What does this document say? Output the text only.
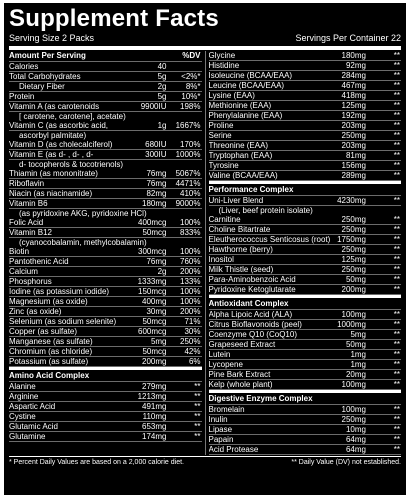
Supplement Facts
Serving Size 2 Packs	Servings Per Container 22
Amount Per Serving	%DV
Calories	40
Total Carbohydrates	5g <2%*
Dietary Fiber	2g 8%*
Protein	5g 10%*
Vitamin A (as carotenoids	9900IU 198%
[ carotene, carotene], acetate)
Vitamin C (as ascorbic acid,	1g 1667%
ascorbyl palmitate)
Vitamin D (as cholecalciferol)	680IU 170%
Vitamin E (as d- , d- , d-	300IU 1000%
d- tocopherols & tocotrienols)
Thiamin (as mononitrate)	76mg 5067%
Riboflavin	76mg 4471%
Niacin (as niacinamide)	82mg 410%
Vitamin B6	180mg 9000%
(as pyridoxine AKG, pyridoxine HCl)
Folic Acid	400mcg 100%
Vitamin B12	50mcg 833%
(cyanocobalamin, methylcobalamin)
Biotin	300mcg 100%
Pantothenic Acid	76mg 760%
Calcium	2g 200%
Phosphorus	1333mg 133%
Iodine (as potassium iodide)	150mcg 100%
Magnesium (as oxide)	400mg 100%
Zinc (as oxide)	30mg 200%
Selenium (as sodium selenite)	50mcg 71%
Copper (as sulfate)	600mcg 30%
Manganese (as sulfate)	5mg 250%
Chromium (as chloride)	50mcg 42%
Potassium (as sulfate)	200mg	6%
Amino Acid Complex
Alanine	279mg	**
Arginine	1213mg	**
Aspartic Acid	491mg	**
Cystine	110mg	**
Glutamic Acid	653mg	**
Glutamine	174mg	**
Glycine	180mg	**
Histidine	92mg	**
Isoleucine (BCAA/EAA)	284mg	**
Leucine (BCAA/EAA)	467mg	**
Lysine (EAA)	418mg	**
Methionine (EAA)	125mg	**
Phenylalanine (EAA)	192mg	**
Proline	203mg	**
Serine	250mg	**
Threonine (EAA)	203mg	**
Tryptophan (EAA)	81mg	**
Tyrosine	156mg	**
Valine (BCAA/EAA)	289mg	**
Performance Complex
Uni-Liver Blend	4230mg	**
(Liver, beef protein isolate)
Carnitine	250mg	**
Choline Bitartrate	250mg	**
Eleutherococcus Senticosus (root) 1750mg	**
Hawthorne (berry)	250mg	**
Inositol	125mg	**
Milk Thistle (seed)	250mg	**
Para-Aminobenzoic Acid	50mg	**
Pyridoxine Ketoglutarate	200mg	**
Antioxidant Complex
Alpha Lipoic Acid (ALA)	100mg	**
Citrus Bioflavonoids (peel)	1000mg	**
Coenzyme Q10 (CoQ10)	5mg	**
Grapeseed Extract	50mg	**
Lutein	1mg	**
Lycopene	1mg	**
Pine Bark Extract	20mg	**
Kelp (whole plant)	100mg	**
Digestive Enzyme Complex
Bromelain	100mg	**
Inulin	250mg	**
Lipase	10mg	**
Papain	64mg	**
Acid Protease	64mg	**
* Percent Daily Values are based on a 2,000 calorie diet.	** Daily Value (DV) not established.
